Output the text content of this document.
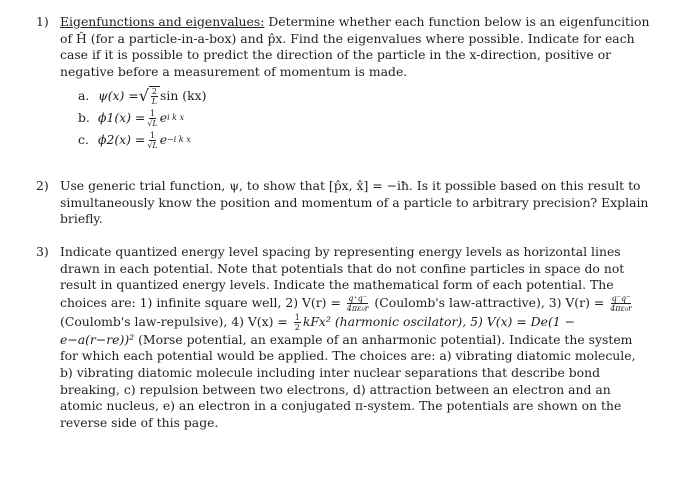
1) Eigenfunctions and eigenvalues: Determine whether each function below is an eigenfuncition of Ĥ (for a particle-in-a-box) and p̂x. Find the eigenvalues where possible. Indicate for each case if it is possible to predict the direction of the particle in the x-direction, positive or negative before a measurement of momentum is made.
a. ψ(x) = √ $\frac{2}{L}$ sin (kx)
b. $\phi 1(x) = \frac{1}{√L}$ e i k x
c. $\phi 2(x) = \frac{1}{√L}$ e −i k x
2) Use generic trial function, ψ, to show that [p̂x, x̂] = −iħ. Is it possible based on this result to simultaneously know the position and momentum of a particle to arbitrary precision? Explain briefly.
3) Indicate quantized energy level spacing by representing energy levels as horizontal lines drawn in each potential. Note that potentials that do not confine particles in space do not result in quantized energy levels. Indicate the mathematical form of each potential. The choices are: 1) infinite square well, 2) $V(r) = \frac{q^+q^-}{\text{4πε₀r}}$ (Coulomb's law-attractive), 3) $V(r) = \frac{q^-q^-}{\text{4πε₀r}}$
(Coulomb's law-repulsive), 4) $V(x) = \frac{1}{2} kFx^2$ (harmonic oscilator), 5) V(x) = De(1 − e−a(r−re))² (Morse potential, an example of an anharmonic potential). Indicate the system for which each potential would be applied. The choices are: a) vibrating diatomic molecule, b) vibrating diatomic molecule including inter nuclear separations that describe bond breaking, c) repulsion between two electrons, d) attraction between an electron and an atomic nucleus, e) an electron in a conjugated π-system. The potentials are shown on the reverse side of this page.
